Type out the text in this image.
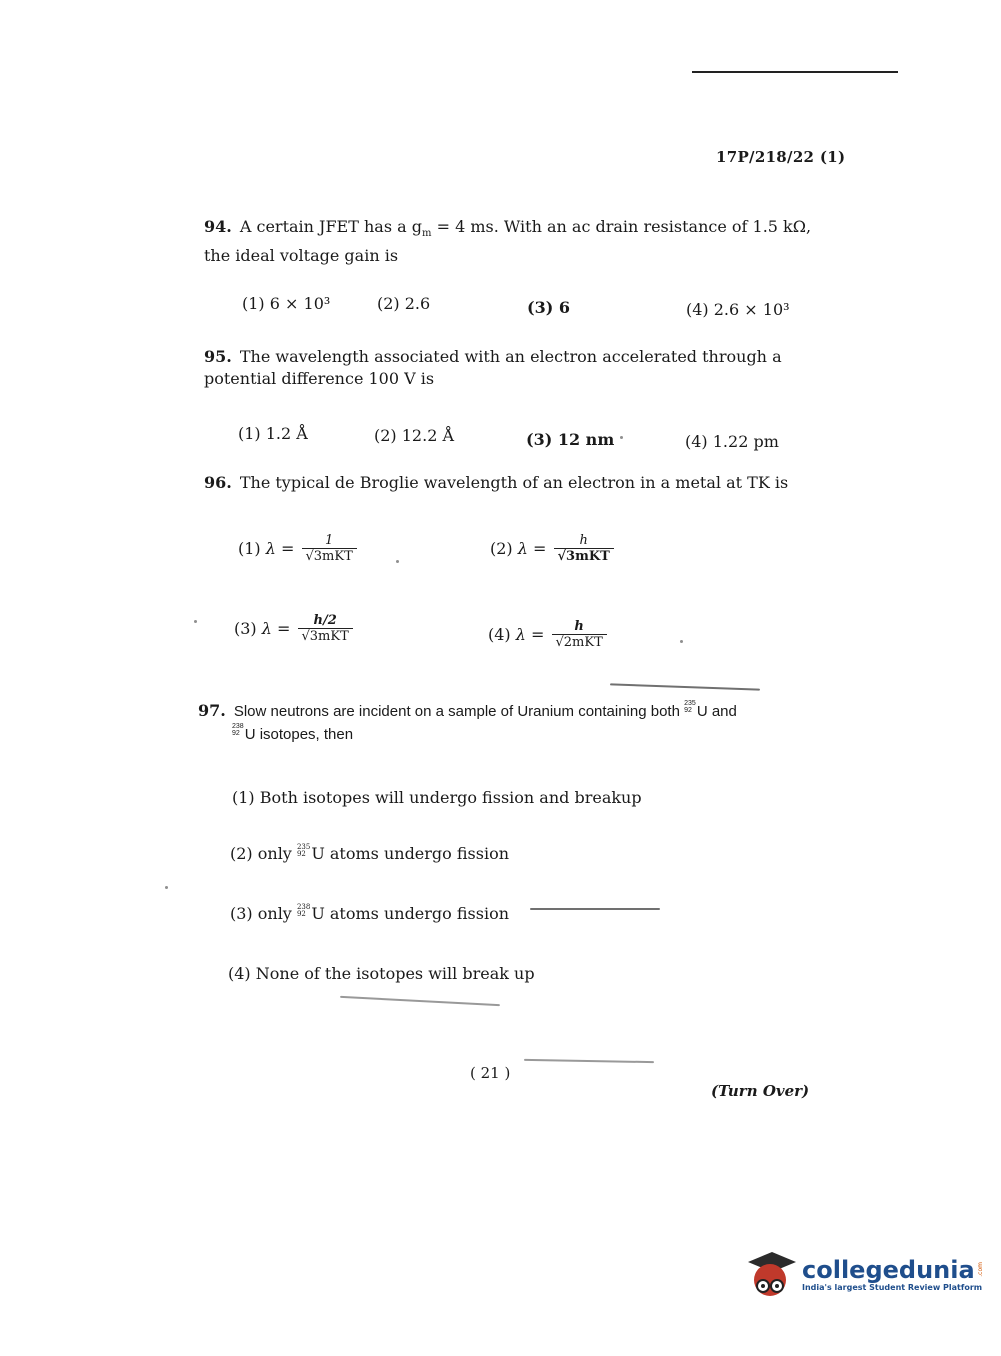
17P/218/22 (1)
94. A certain JFET has a $g_m = 4$ ms. With an ac drain resistance of 1.5 kΩ, the ideal voltage gain is
(1) 6 × 10³	(2) 2.6	(3) 6	(4) 2.6 × 10³
95. The wavelength associated with an electron accelerated through a potential difference 100 V is
(1) 1.2 Å	(2) 12.2 Å	(3) 12 nm	(4) 1.22 pm
96. The typical de Broglie wavelength of an electron in a metal at TK is
(1) $\lambda = \frac{1}{\text{√3mKT}}$	(2) $\lambda = \frac{h}{\text{√3mKT}}$
(3) $\lambda = \frac{h/2}{\text{√3mKT}}$	(4) $\lambda = \frac{h}{\text{√2mKT}}$
97. Slow neutrons are incident on a sample of Uranium containing both 235
92 U and

238
92 U isotopes, then
(1) Both isotopes will undergo fission and breakup
(2) only 235
92 U atoms undergo fission
(3) only 238
92 U atoms undergo fission
(4) None of the isotopes will break up
( 21 )
(Turn Over)
collegedunia .com
India's largest Student Review Platform
